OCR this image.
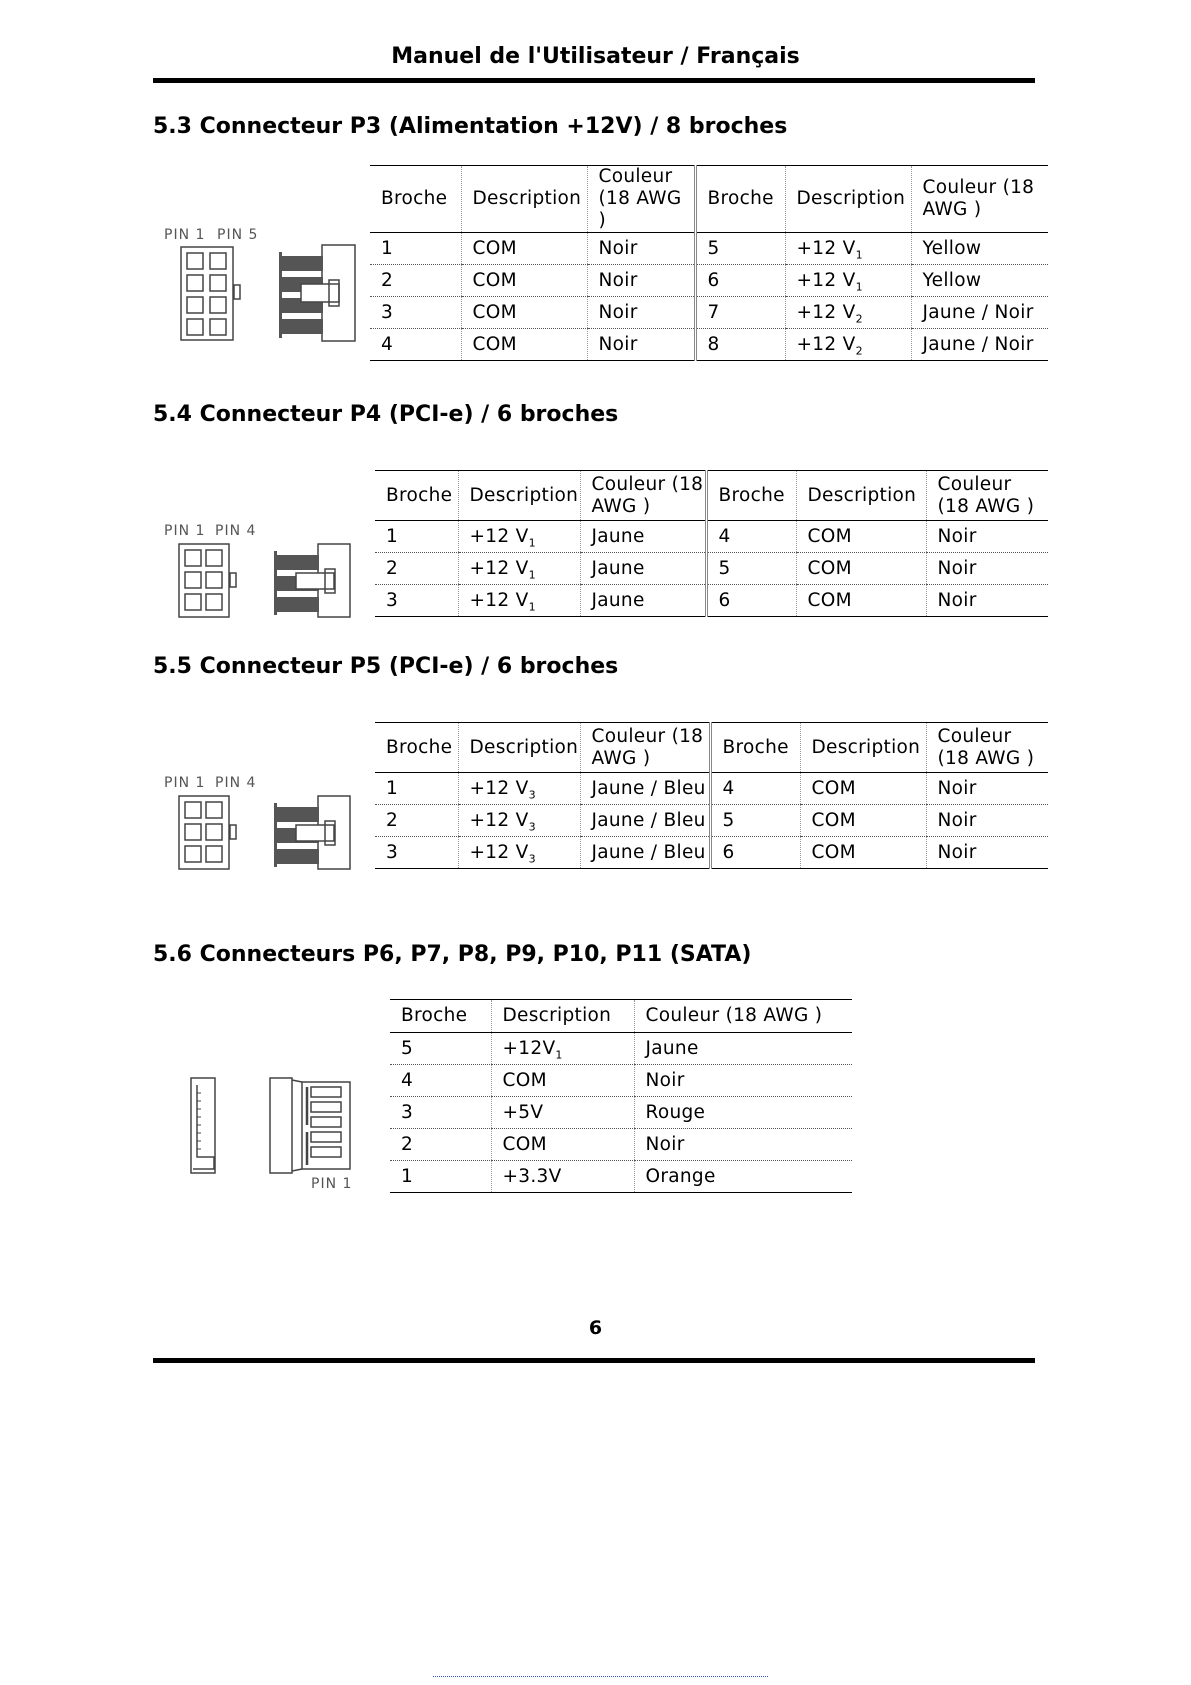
Manuel de l'Utilisateur / Français
5.3 Connecteur P3 (Alimentation +12V) / 8 broches
PIN 1 PIN 5
Broche	Description	Couleur (18 AWG )	Broche	Description	Couleur (18 AWG )
1	COM	Noir	5	+12 $V_1$	Yellow
2	COM	Noir	6	+12 $V_1$	Yellow
3	COM	Noir	7	+12 $V_2$	Jaune / Noir
4	COM	Noir	8	+12 $V_2$	Jaune / Noir
5.4 Connecteur P4 (PCI-e) / 6 broches
PIN 1 PIN 4
Broche	Description	Couleur (18 AWG )	Broche	Description	Couleur (18 AWG )
1	+12 $V_1$	Jaune	4	COM	Noir
2	+12 $V_1$	Jaune	5	COM	Noir
3	+12 $V_1$	Jaune	6	COM	Noir
5.5 Connecteur P5 (PCI-e) / 6 broches
PIN 1 PIN 4
Broche	Description	Couleur (18 AWG )	Broche	Description	Couleur (18 AWG )
1	+12 $V_3$	Jaune / Bleu	4	COM	Noir
2	+12 $V_3$	Jaune / Bleu	5	COM	Noir
3	+12 $V_3$	Jaune / Bleu	6	COM	Noir
5.6 Connecteurs P6, P7, P8, P9, P10, P11 (SATA)
PIN 1
Broche	Description	Couleur (18 AWG )
5	$+12V_1$	Jaune
4	COM	Noir
3	+5V	Rouge
2	COM	Noir
1	+3.3V	Orange
6
